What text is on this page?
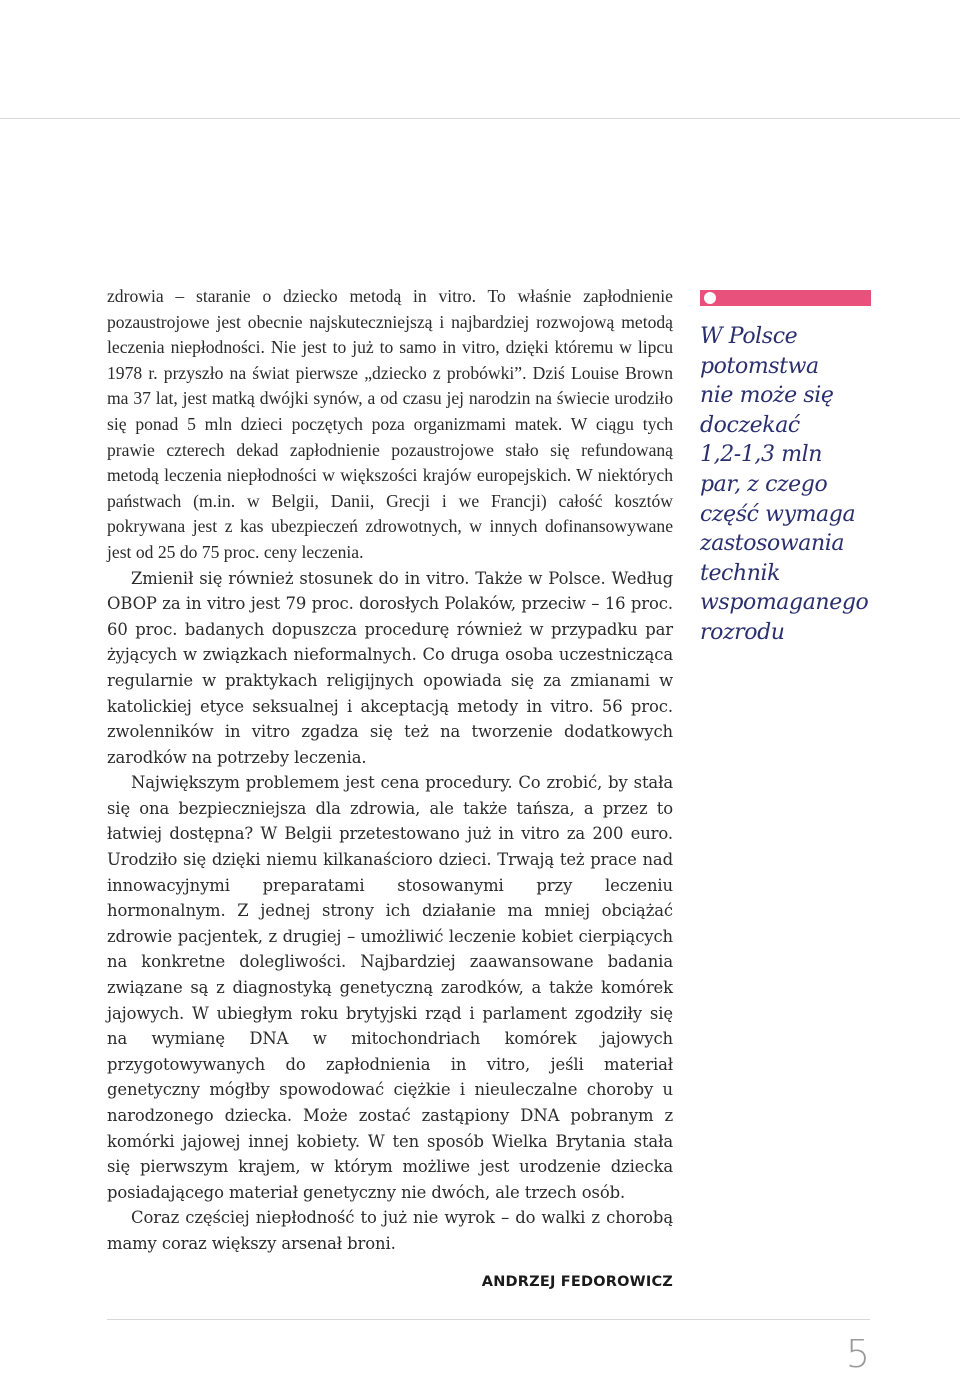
zdrowia – staranie o dziecko metodą in vitro. To właśnie zapłodnienie pozaustrojowe jest obecnie najskuteczniejszą i najbardziej rozwojową metodą leczenia niepłodności. Nie jest to już to samo in vitro, dzięki któremu w lipcu 1978 r. przyszło na świat pierwsze „dziecko z probówki”. Dziś Louise Brown ma 37 lat, jest matką dwójki synów, a od czasu jej narodzin na świecie urodziło się ponad 5 mln dzieci poczętych poza organizmami matek. W ciągu tych prawie czterech dekad zapłodnienie pozaustrojowe stało się refundowaną metodą leczenia niepłodności w większości krajów europejskich. W niektórych państwach (m.in. w Belgii, Danii, Grecji i we Francji) całość kosztów pokrywana jest z kas ubezpieczeń zdrowotnych, w innych dofinansowywane jest od 25 do 75 proc. ceny leczenia.

Zmienił się również stosunek do in vitro. Także w Polsce. Według OBOP za in vitro jest 79 proc. dorosłych Polaków, przeciw – 16 proc. 60 proc. badanych dopuszcza procedurę również w przypadku par żyjących w związkach nieformalnych. Co druga osoba uczestnicząca regularnie w praktykach religijnych opowiada się za zmianami w katolickiej etyce seksualnej i akceptacją metody in vitro. 56 proc. zwolenników in vitro zgadza się też na tworzenie dodatkowych zarodków na potrzeby leczenia.

Największym problemem jest cena procedury. Co zrobić, by stała się ona bezpieczniejsza dla zdrowia, ale także tańsza, a przez to łatwiej dostępna? W Belgii przetestowano już in vitro za 200 euro. Urodziło się dzięki niemu kilkanaścioro dzieci. Trwają też prace nad innowacyjnymi preparatami stosowanymi przy leczeniu hormonalnym. Z jednej strony ich działanie ma mniej obciążać zdrowie pacjentek, z drugiej – umożliwić leczenie kobiet cierpiących na konkretne dolegliwości. Najbardziej zaawansowane badania związane są z diagnostyką genetyczną zarodków, a także komórek jajowych. W ubiegłym roku brytyjski rząd i parlament zgodziły się na wymianę DNA w mitochondriach komórek jajowych przygotowywanych do zapłodnienia in vitro, jeśli materiał genetyczny mógłby spowodować ciężkie i nieuleczalne choroby u narodzonego dziecka. Może zostać zastąpiony DNA pobranym z komórki jajowej innej kobiety. W ten sposób Wielka Brytania stała się pierwszym krajem, w którym możliwe jest urodzenie dziecka posiadającego materiał genetyczny nie dwóch, ale trzech osób.

Coraz częściej niepłodność to już nie wyrok – do walki z chorobą mamy coraz większy arsenał broni.

ANDRZEJ FEDOROWICZ
W Polsce
potomstwa
nie może się
doczekać
1,2-1,3 mln
par, z czego
część wymaga
zastosowania
technik
wspomaganego
rozrodu
5
